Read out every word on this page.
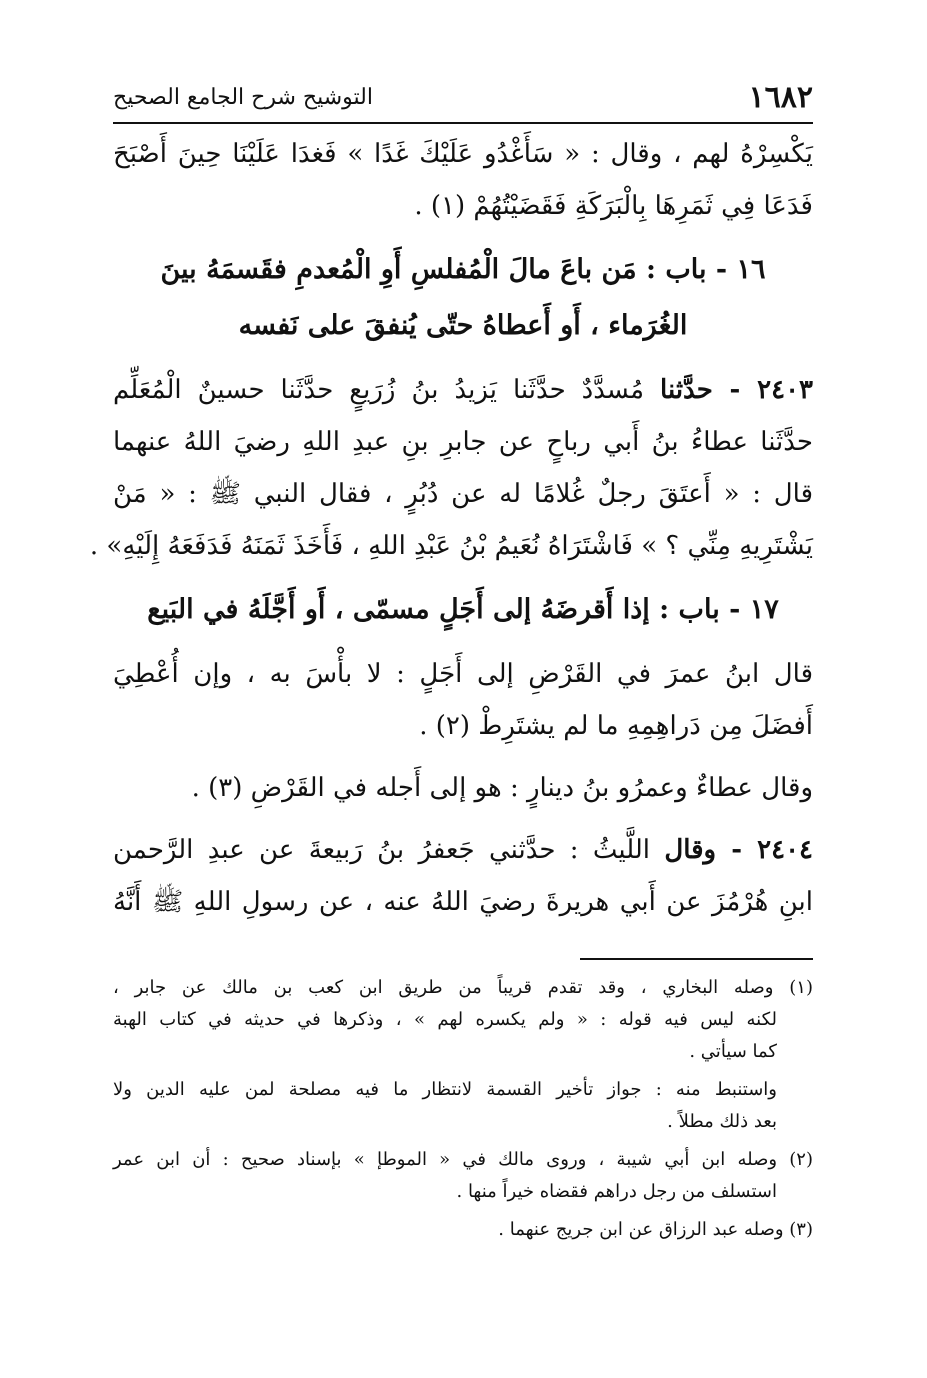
١٦٨٢
التوشيح شرح الجامع الصحيح
يَكْسِرْهُ لهم ، وقال : « سَأَغْدُو عَلَيْكَ غَدًا » فَغدَا عَلَيْنَا حِينَ أَصْبَحَ
فَدَعَا فِي ثَمَرِهَا بِالْبَرَكَةِ فَقَضَيْتُهُمْ (١) .
١٦ - باب : مَن باعَ مالَ الْمُفلسِ أَوِ الْمُعدمِ فقَسمَهُ بينَ
الغُرَماء ، أَو أَعطاهُ حتّى يُنفقَ على نَفسه
٢٤٠٣ - حدَّثنا مُسدَّدٌ حدَّثَنا يَزيدُ بنُ زُرَيعٍ حدَّثَنا حسينٌ الْمُعَلِّم
حدَّثَنا عطاءُ بنُ أَبي رباحٍ عن جابرِ بنِ عبدِ اللهِ رضيَ اللهُ عنهما
قال : « أَعتَقَ رجلٌ غُلامًا له عن دُبُرٍ ، فقال النبي ﷺ : « مَنْ
يَشْتَرِيهِ مِنِّي ؟ » فَاشْتَرَاهُ نُعَيمُ بْنُ عَبْدِ اللهِ ، فَأَخَذَ ثَمَنَهُ فَدَفَعَهُ إِلَيْهِ» .
١٧ - باب : إذا أَقرضَهُ إلى أَجَلٍ مسمّى ، أَو أَجَّلَهُ في البَيع
قال ابنُ عمرَ في القَرْضِ إلى أَجَلٍ : لا بأْسَ به ، وإن أُعْطِيَ
أَفضَلَ مِن دَراهِمِهِ ما لم يشتَرِطْ (٢) .
وقال عطاءٌ وعمرُو بنُ دينارٍ : هو إلى أَجله في القَرْضِ (٣) .
٢٤٠٤ - وقال اللَّيثُ : حدَّثني جَعفرُ بنُ رَبيعةَ عن عبدِ الرَّحمن
ابنِ هُرْمُزَ عن أَبي هريرةَ رضيَ اللهُ عنه ، عن رسولِ اللهِ ﷺ أَنَّهُ
(١) وصله البخاري ، وقد تقدم قريباً من طريق ابن كعب بن مالك عن جابر ،
لكنه ليس فيه قوله : « ولم يكسره لهم » ، وذكرها في حديثه في كتاب الهبة
كما سيأتي .
واستنبط منه : جواز تأخير القسمة لانتظار ما فيه مصلحة لمن عليه الدين ولا
بعد ذلك مطلاً .
(٢) وصله ابن أبي شيبة ، وروى مالك في « الموطإ » بإسناد صحيح : أن ابن عمر
استسلف من رجل دراهم فقضاه خيراً منها .
(٣) وصله عبد الرزاق عن ابن جريج عنهما .
